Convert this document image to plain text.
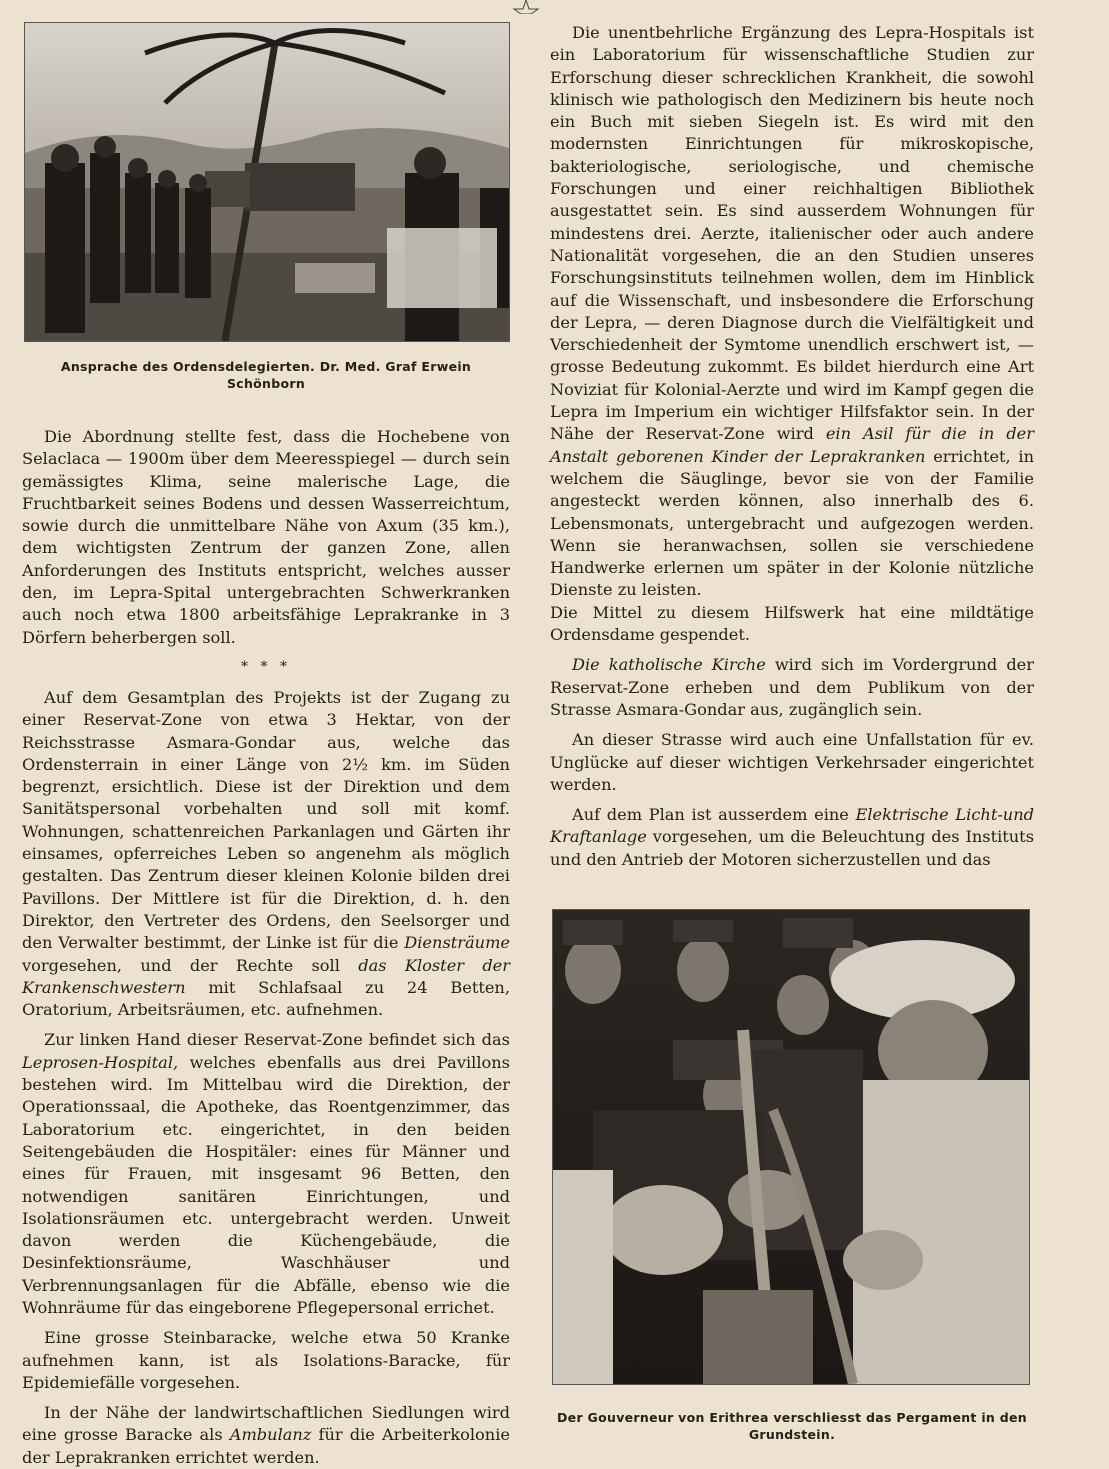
Ansprache des Ordensdelegierten. Dr. Med. Graf Erwein Schönborn

Die Abordnung stellte fest, dass die Hochebene von Selaclaca — 1900m über dem Meeresspiegel — durch sein gemässigtes Klima, seine malerische Lage, die Fruchtbarkeit seines Bodens und dessen Wasserreichtum, sowie durch die unmittelbare Nähe von Axum (35 km.), dem wichtigsten Zentrum der ganzen Zone, allen Anforderungen des Instituts entspricht, welches ausser den, im Lepra-Spital untergebrachten Schwerkranken auch noch etwa 1800 arbeitsfähige Leprakranke in 3 Dörfern beherbergen soll.

* * *

Auf dem Gesamtplan des Projekts ist der Zugang zu einer Reservat-Zone von etwa 3 Hektar, von der Reichsstrasse Asmara-Gondar aus, welche das Ordensterrain in einer Länge von 2½ km. im Süden begrenzt, ersichtlich. Diese ist der Direktion und dem Sanitätspersonal vorbehalten und soll mit komf. Wohnungen, schattenreichen Parkanlagen und Gärten ihr einsames, opferreiches Leben so angenehm als möglich gestalten. Das Zentrum dieser kleinen Kolonie bilden drei Pavillons. Der Mittlere ist für die Direktion, d. h. den Direktor, den Vertreter des Ordens, den Seelsorger und den Verwalter bestimmt, der Linke ist für die Diensträume vorgesehen, und der Rechte soll das Kloster der Krankenschwestern mit Schlafsaal zu 24 Betten, Oratorium, Arbeitsräumen, etc. aufnehmen.

Zur linken Hand dieser Reservat-Zone befindet sich das Leprosen-Hospital, welches ebenfalls aus drei Pavillons bestehen wird. Im Mittelbau wird die Direktion, der Operationssaal, die Apotheke, das Roentgenzimmer, das Laboratorium etc. eingerichtet, in den beiden Seitengebäuden die Hospitäler: eines für Männer und eines für Frauen, mit insgesamt 96 Betten, den notwendigen sanitären Einrichtungen, und Isolationsräumen etc. untergebracht werden. Unweit davon werden die Küchengebäude, die Desinfektionsräume, Waschhäuser und Verbrennungsanlagen für die Abfälle, ebenso wie die Wohnräume für das eingeborene Pflegepersonal errichet.

Eine grosse Steinbaracke, welche etwa 50 Kranke aufnehmen kann, ist als Isolations-Baracke, für Epidemiefälle vorgesehen.

In der Nähe der landwirtschaftlichen Siedlungen wird eine grosse Baracke als Ambulanz für die Arbeiterkolonie der Leprakranken errichtet werden.

Die unentbehrliche Ergänzung des Lepra-Hospitals ist ein Laboratorium für wissenschaftliche Studien zur Erforschung dieser schrecklichen Krankheit, die sowohl klinisch wie pathologisch den Medizinern bis heute noch ein Buch mit sieben Siegeln ist. Es wird mit den modernsten Einrichtungen für mikroskopische, bakteriologische, seriologische, und chemische Forschungen und einer reichhaltigen Bibliothek ausgestattet sein. Es sind ausserdem Wohnungen für mindestens drei. Aerzte, italienischer oder auch andere Nationalität vorgesehen, die an den Studien unseres Forschungsinstituts teilnehmen wollen, dem im Hinblick auf die Wissenschaft, und insbesondere die Erforschung der Lepra, — deren Diagnose durch die Vielfältigkeit und Verschiedenheit der Symtome unendlich erschwert ist, — grosse Bedeutung zukommt. Es bildet hierdurch eine Art Noviziat für Kolonial-Aerzte und wird im Kampf gegen die Lepra im Imperium ein wichtiger Hilfsfaktor sein. In der Nähe der Reservat-Zone wird ein Asil für die in der Anstalt geborenen Kinder der Leprakranken errichtet, in welchem die Säuglinge, bevor sie von der Familie angesteckt werden können, also innerhalb des 6. Lebensmonats, untergebracht und aufgezogen werden. Wenn sie heranwachsen, sollen sie verschiedene Handwerke erlernen um später in der Kolonie nützliche Dienste zu leisten.

Die Mittel zu diesem Hilfswerk hat eine mildtätige Ordensdame gespendet.

Die katholische Kirche wird sich im Vordergrund der Reservat-Zone erheben und dem Publikum von der Strasse Asmara-Gondar aus, zugänglich sein.

An dieser Strasse wird auch eine Unfallstation für ev. Unglücke auf dieser wichtigen Verkehrsader eingerichtet werden.

Auf dem Plan ist ausserdem eine Elektrische Licht-und Kraftanlage vorgesehen, um die Beleuchtung des Instituts und den Antrieb der Motoren sicherzustellen und das

Der Gouverneur von Erithrea verschliesst das Pergament in den Grundstein.
